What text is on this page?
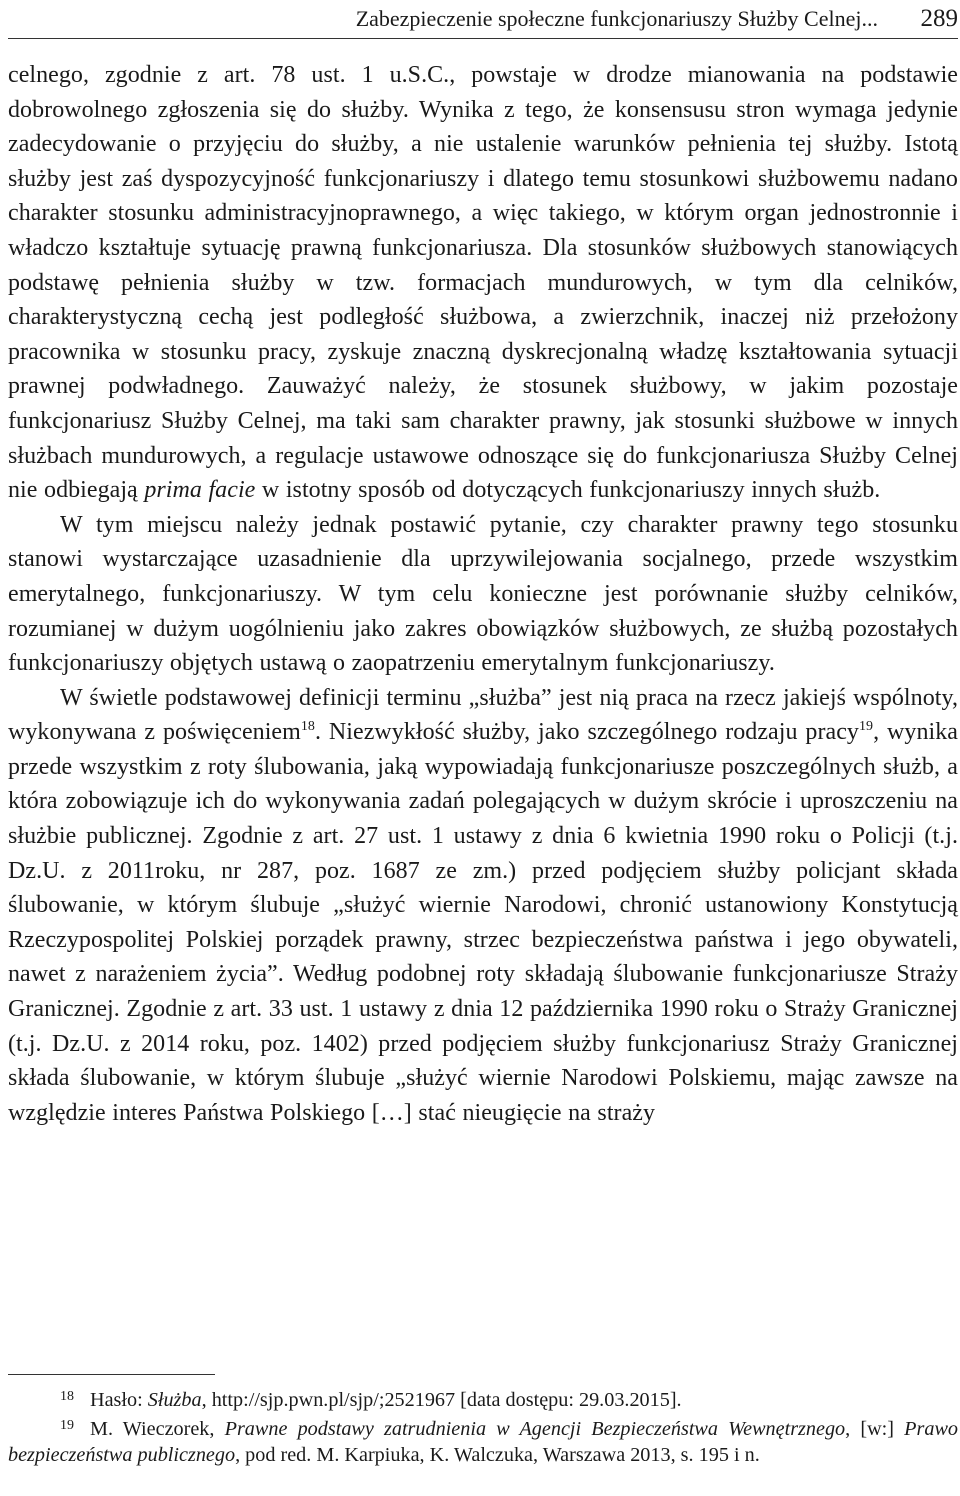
Zabezpieczenie społeczne funkcjonariuszy Służby Celnej... 289

celnego, zgodnie z art. 78 ust. 1 u.S.C., powstaje w drodze mianowania na podstawie dobrowolnego zgłoszenia się do służby. Wynika z tego, że konsensusu stron wymaga jedynie zadecydowanie o przyjęciu do służby, a nie ustalenie warunków pełnienia tej służby. Istotą służby jest zaś dyspozycyjność funkcjonariuszy i dlatego temu stosunkowi służbowemu nadano charakter stosunku administracyjnoprawnego, a więc takiego, w którym organ jednostronnie i władczo kształtuje sytuację prawną funkcjonariusza. Dla stosunków służbowych stanowiących podstawę pełnienia służby w tzw. formacjach mundurowych, w tym dla celników, charakterystyczną cechą jest podległość służbowa, a zwierzchnik, inaczej niż przełożony pracownika w stosunku pracy, zyskuje znaczną dyskrecjonalną władzę kształtowania sytuacji prawnej podwładnego. Zauważyć należy, że stosunek służbowy, w jakim pozostaje funkcjonariusz Służby Celnej, ma taki sam charakter prawny, jak stosunki służbowe w innych służbach mundurowych, a regulacje ustawowe odnoszące się do funkcjonariusza Służby Celnej nie odbiegają prima facie w istotny sposób od dotyczących funkcjonariuszy innych służb.

W tym miejscu należy jednak postawić pytanie, czy charakter prawny tego stosunku stanowi wystarczające uzasadnienie dla uprzywilejowania socjalnego, przede wszystkim emerytalnego, funkcjonariuszy. W tym celu konieczne jest porównanie służby celników, rozumianej w dużym uogólnieniu jako zakres obowiązków służbowych, ze służbą pozostałych funkcjonariuszy objętych ustawą o zaopatrzeniu emerytalnym funkcjonariuszy.

W świetle podstawowej definicji terminu „służba” jest nią praca na rzecz jakiejś wspólnoty, wykonywana z poświęceniem$^{18}$. Niezwykłość służby, jako szczególnego rodzaju pracy$^{19}$, wynika przede wszystkim z roty ślubowania, jaką wypowiadają funkcjonariusze poszczególnych służb, a która zobowiązuje ich do wykonywania zadań polegających w dużym skrócie i uproszczeniu na służbie publicznej. Zgodnie z art. 27 ust. 1 ustawy z dnia 6 kwietnia 1990 roku o Policji (t.j. Dz.U. z 2011roku, nr 287, poz. 1687 ze zm.) przed podjęciem służby policjant składa ślubowanie, w którym ślubuje „służyć wiernie Narodowi, chronić ustanowiony Konstytucją Rzeczypospolitej Polskiej porządek prawny, strzec bezpieczeństwa państwa i jego obywateli, nawet z narażeniem życia”. Według podobnej roty składają ślubowanie funkcjonariusze Straży Granicznej. Zgodnie z art. 33 ust. 1 ustawy z dnia 12 października 1990 roku o Straży Granicznej (t.j. Dz.U. z 2014 roku, poz. 1402) przed podjęciem służby funkcjonariusz Straży Granicznej składa ślubowanie, w którym ślubuje „służyć wiernie Narodowi Polskiemu, mając zawsze na względzie interes Państwa Polskiego […] stać nieugięcie na straży

18 Hasło: Służba, http://sjp.pwn.pl/sjp/;2521967 [data dostępu: 29.03.2015].

19 M. Wieczorek, Prawne podstawy zatrudnienia w Agencji Bezpieczeństwa Wewnętrznego, [w:] Prawo bezpieczeństwa publicznego, pod red. M. Karpiuka, K. Walczuka, Warszawa 2013, s. 195 i n.
